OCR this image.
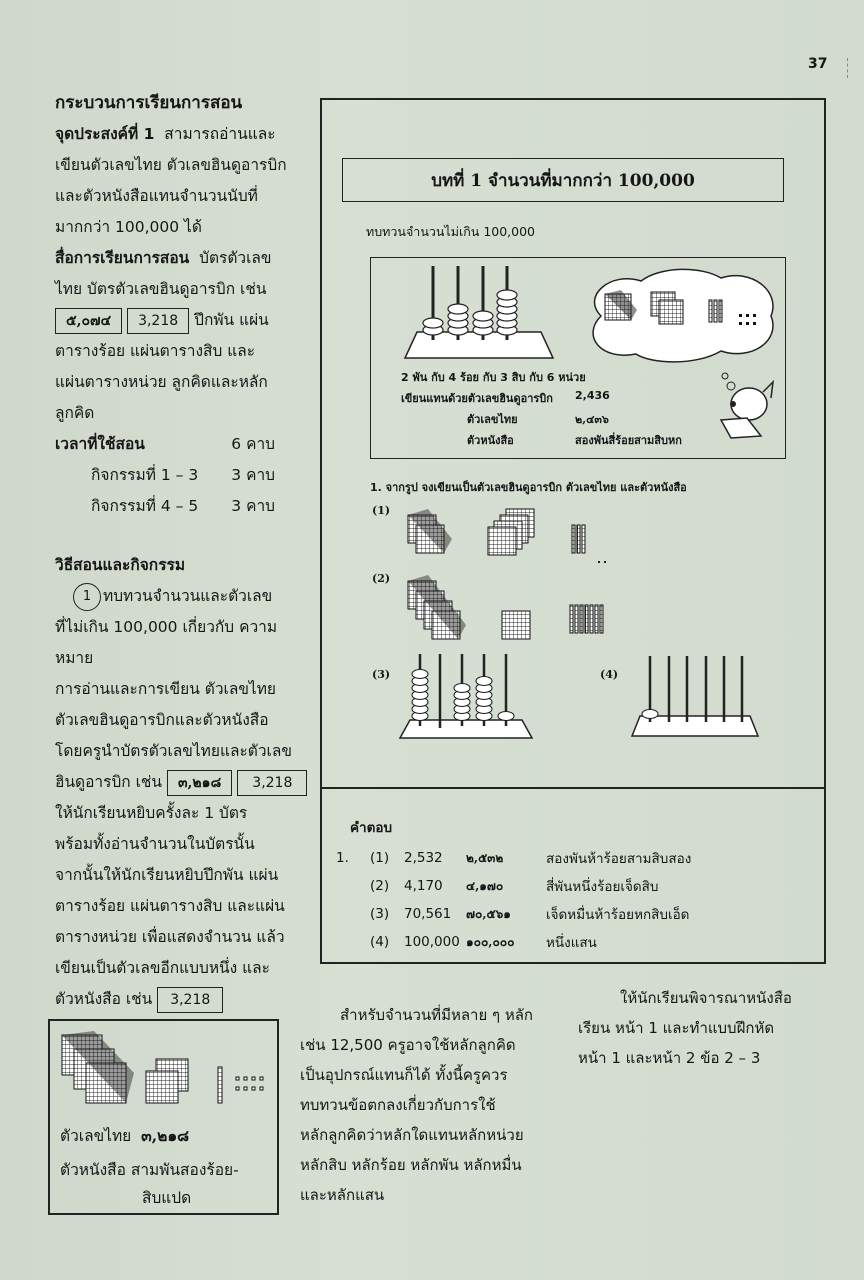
37
กระบวนการเรียนการสอน
จุดประสงค์ที่ 1 สามารถอ่านและ
เขียนตัวเลขไทย ตัวเลขฮินดูอารบิก
และตัวหนังสือแทนจำนวนนับที่
มากกว่า 100,000 ได้
สื่อการเรียนการสอน บัตรตัวเลข
ไทย บัตรตัวเลขฮินดูอารบิก เช่น
๕,๐๗๔ 3,218 ปึกพัน แผ่น
ตารางร้อย แผ่นตารางสิบ และ
แผ่นตารางหน่วย ลูกคิดและหลัก
ลูกคิด
เวลาที่ใช้สอน	6 คาบ
กิจกรรมที่ 1 – 3 3 คาบ
กิจกรรมที่ 4 – 5 3 คาบ
วิธีสอนและกิจกรรม
1 ทบทวนจำนวนและตัวเลข
ที่ไม่เกิน 100,000 เกี่ยวกับ ความหมาย
การอ่านและการเขียน ตัวเลขไทย
ตัวเลขฮินดูอารบิกและตัวหนังสือ
โดยครูนำบัตรตัวเลขไทยและตัวเลข
ฮินดูอารบิก เช่น ๓,๒๑๘ 3,218
ให้นักเรียนหยิบครั้งละ 1 บัตร
พร้อมทั้งอ่านจำนวนในบัตรนั้น
จากนั้นให้นักเรียนหยิบปึกพัน แผ่น
ตารางร้อย แผ่นตารางสิบ และแผ่น
ตารางหน่วย เพื่อแสดงจำนวน แล้ว
เขียนเป็นตัวเลขอีกแบบหนึ่ง และ
ตัวหนังสือ เช่น 3,218
ตัวเลขไทย ๓,๒๑๘
ตัวหนังสือ สามพันสองร้อย-
สิบแปด
บทที่ 1 จำนวนที่มากกว่า 100,000
ทบทวนจำนวนไม่เกิน 100,000
2 พัน กับ 4 ร้อย กับ 3 สิบ กับ 6 หน่วย
เขียนแทนด้วยตัวเลขฮินดูอารบิก 2,436
ตัวเลขไทย	๒,๔๓๖
ตัวหนังสือ	สองพันสี่ร้อยสามสิบหก
1. จากรูป จงเขียนเป็นตัวเลขฮินดูอารบิก ตัวเลขไทย และตัวหนังสือ
(1)
(2)
(3)	(4)
คำตอบ
1.	(1)	2,532	๒,๕๓๒	สองพันห้าร้อยสามสิบสอง
(2)	4,170	๔,๑๗๐	สี่พันหนึ่งร้อยเจ็ดสิบ
(3)	70,561	๗๐,๕๖๑	เจ็ดหมื่นห้าร้อยหกสิบเอ็ด
(4)	100,000 ๑๐๐,๐๐๐	หนึ่งแสน
สำหรับจำนวนที่มีหลาย ๆ หลัก
เช่น 12,500 ครูอาจใช้หลักลูกคิด
เป็นอุปกรณ์แทนก็ได้ ทั้งนี้ครูควร
ทบทวนข้อตกลงเกี่ยวกับการใช้
หลักลูกคิดว่าหลักใดแทนหลักหน่วย
หลักสิบ หลักร้อย หลักพัน หลักหมื่น
และหลักแสน
ให้นักเรียนพิจารณาหนังสือ
เรียน หน้า 1 และทำแบบฝึกหัด
หน้า 1 และหน้า 2 ข้อ 2 – 3
